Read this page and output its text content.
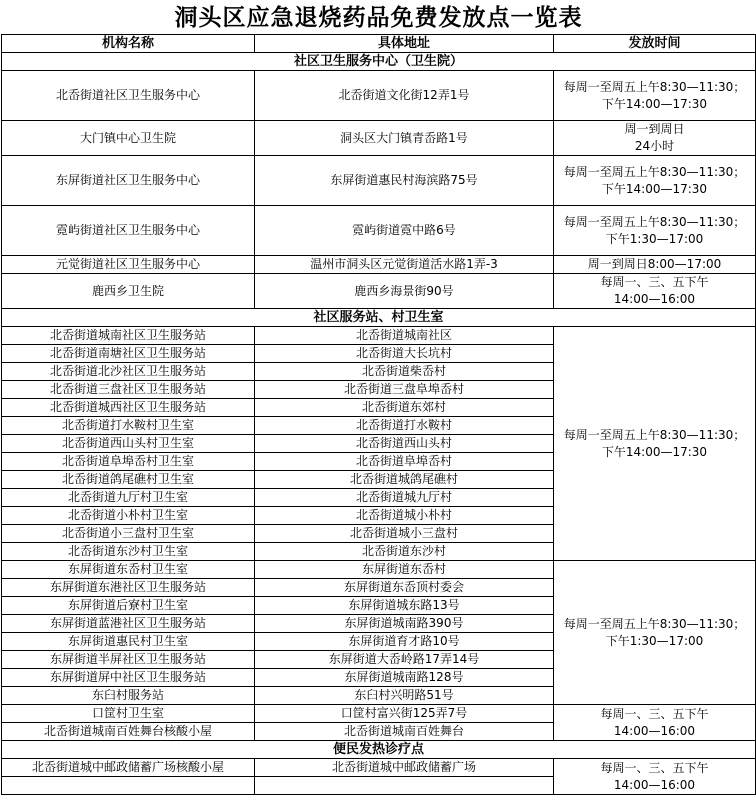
洞头区应急退烧药品免费发放点一览表		
机构名称	具体地址	发放时间
社区卫生服务中心（卫生院）		
北岙街道社区卫生服务中心	北岙街道文化街12弄1号	每周一至周五上午8:30—11:30；
下午14:00—17:30
大门镇中心卫生院	洞头区大门镇青岙路1号	周一到周日
24小时
东屏街道社区卫生服务中心	东屏街道惠民村海滨路75号	每周一至周五上午8:30—11:30；
下午14:00—17:30
霓屿街道社区卫生服务中心	霓屿街道霓中路6号	每周一至周五上午8:30—11:30；
下午1:30—17:00
元觉街道社区卫生服务中心	温州市洞头区元觉街道活水路1弄-3	周一到周日8:00—17:00
鹿西乡卫生院	鹿西乡海景街90号	每周一、三、五下午
14:00—16:00
社区服务站、村卫生室		
北岙街道城南社区卫生服务站	北岙街道城南社区	每周一至周五上午8:30—11:30；
下午14:00—17:30
北岙街道南塘社区卫生服务站	北岙街道大长坑村	
北岙街道北沙社区卫生服务站	北岙街道柴岙村	
北岙街道三盘社区卫生服务站	北岙街道三盘阜埠岙村	
北岙街道城西社区卫生服务站	北岙街道东郊村	
北岙街道打水鞍村卫生室	北岙街道打水鞍村	
北岙街道西山头村卫生室	北岙街道西山头村	
北岙街道阜埠岙村卫生室	北岙街道阜埠岙村	
北岙街道鸽尾礁村卫生室	北岙街道城鸽尾礁村	
北岙街道九厅村卫生室	北岙街道城九厅村	
北岙街道小朴村卫生室	北岙街道城小朴村	
北岙街道小三盘村卫生室	北岙街道城小三盘村	
北岙街道东沙村卫生室	北岙街道东沙村	
东屏街道东岙村卫生室	东屏街道东岙村	每周一至周五上午8:30—11:30；
下午1:30—17:00
东屏街道东港社区卫生服务站	东屏街道东岙顶村委会	
东屏街道后寮村卫生室	东屏街道城东路13号	
东屏街道蓝港社区卫生服务站	东屏街道城南路390号	
东屏街道惠民村卫生室	东屏街道育才路10号	
东屏街道半屏社区卫生服务站	东屏街道大岙岭路17弄14号	
东屏街道屏中社区卫生服务站	东屏街道城南路128号	
东臼村服务站	东臼村兴明路51号	
口筐村卫生室	口筐村富兴街125弄7号	每周一、三、五下午
14:00—16:00
北岙街道城南百姓舞台核酸小屋	北岙街道城南百姓舞台	
便民发热诊疗点		
北岙街道城中邮政储蓄广场核酸小屋	北岙街道城中邮政储蓄广场	每周一、三、五下午
14:00—16:00
